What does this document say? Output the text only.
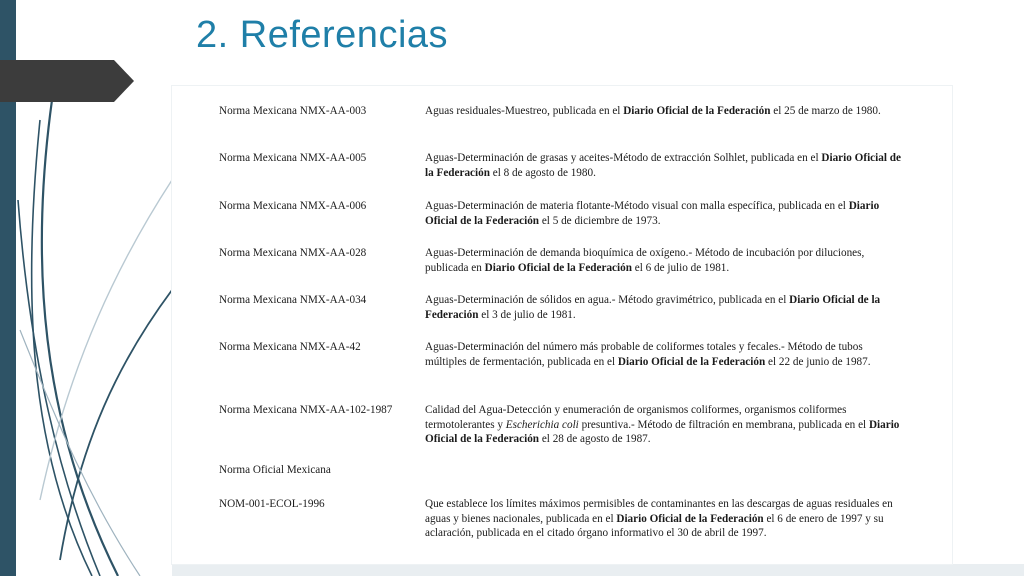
2. Referencias
Norma Mexicana NMX-AA-003	Aguas residuales-Muestreo, publicada en el Diario Oficial de la Federación el 25 de marzo de 1980.
Norma Mexicana NMX-AA-005	Aguas-Determinación de grasas y aceites-Método de extracción Solhlet, publicada en el Diario Oficial de la Federación el 8 de agosto de 1980.
Norma Mexicana NMX-AA-006	Aguas-Determinación de materia flotante-Método visual con malla específica, publicada en el Diario Oficial de la Federación el 5 de diciembre de 1973.
Norma Mexicana NMX-AA-028	Aguas-Determinación de demanda bioquímica de oxígeno.- Método de incubación por diluciones, publicada en Diario Oficial de la Federación el 6 de julio de 1981.
Norma Mexicana NMX-AA-034	Aguas-Determinación de sólidos en agua.- Método gravimétrico, publicada en el Diario Oficial de la Federación el 3 de julio de 1981.
Norma Mexicana NMX-AA-42	Aguas-Determinación del número más probable de coliformes totales y fecales.- Método de tubos múltiples de fermentación, publicada en el Diario Oficial de la Federación el 22 de junio de 1987.
Norma Mexicana NMX-AA-102-1987	Calidad del Agua-Detección y enumeración de organismos coliformes, organismos coliformes termotolerantes y Escherichia coli presuntiva.- Método de filtración en membrana, publicada en el Diario Oficial de la Federación el 28 de agosto de 1987.
Norma Oficial Mexicana
NOM-001-ECOL-1996	Que establece los límites máximos permisibles de contaminantes en las descargas de aguas residuales en aguas y bienes nacionales, publicada en el Diario Oficial de la Federación el 6 de enero de 1997 y su aclaración, publicada en el citado órgano informativo el 30 de abril de 1997.
